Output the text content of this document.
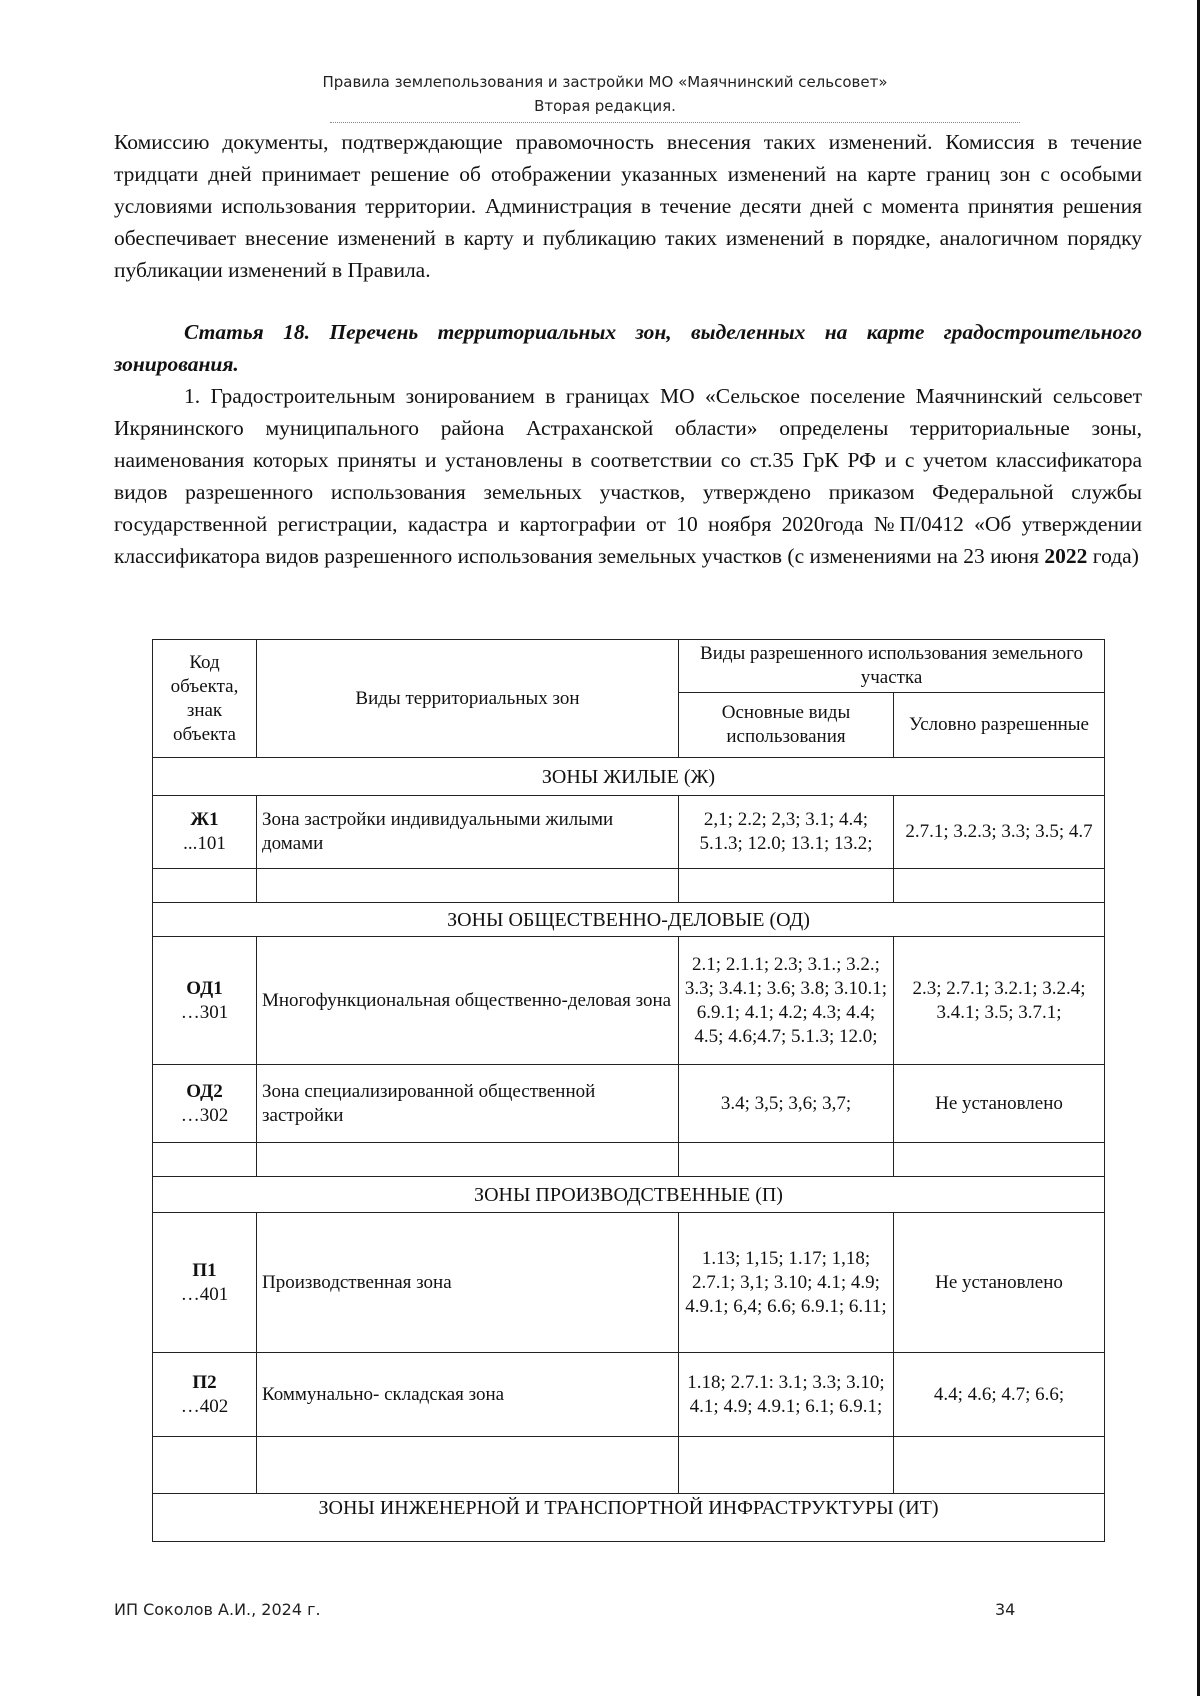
Правила землепользования и застройки МО «Маячнинский сельсовет»
Вторая редакция.

Комиссию документы, подтверждающие правомочность внесения таких изменений. Комиссия в течение тридцати дней принимает решение об отображении указанных изменений на карте границ зон с особыми условиями использования территории. Администрация в течение десяти дней с момента принятия решения обеспечивает внесение изменений в карту и публикацию таких изменений в порядке, аналогичном порядку публикации изменений в Правила.

Статья 18. Перечень территориальных зон, выделенных на карте градостроительного зонирования.
1. Градостроительным зонированием в границах МО «Сельское поселение Маячнинский сельсовет Икрянинского муниципального района Астраханской области» определены территориальные зоны, наименования которых приняты и установлены в соответствии со ст.35 ГрК РФ и с учетом классификатора видов разрешенного использования земельных участков, утверждено приказом Федеральной службы государственной регистрации, кадастра и картографии от 10 ноября 2020года №П/0412 «Об утверждении классификатора видов разрешенного использования земельных участков (с изменениями на 23 июня 2022 года)
Код объекта, знак объекта	Виды территориальных зон	Виды разрешенного использования земельного участка	
		Основные виды использования	Условно разрешенные
ЗОНЫ ЖИЛЫЕ (Ж)			

Ж1
...101	Зона застройки индивидуальными жилыми домами	2,1; 2.2; 2,3; 3.1; 4.4; 5.1.3; 12.0; 13.1; 13.2;	2.7.1; 3.2.3; 3.3; 3.5; 4.7

ЗОНЫ ОБЩЕСТВЕННО-ДЕЛОВЫЕ (ОД)			

ОД1
…301	Многофункциональная общественно-деловая зона	2.1; 2.1.1; 2.3; 3.1.; 3.2.; 3.3; 3.4.1; 3.6; 3.8; 3.10.1; 6.9.1; 4.1; 4.2; 4.3; 4.4; 4.5; 4.6;4.7; 5.1.3; 12.0;	2.3; 2.7.1; 3.2.1; 3.2.4; 3.4.1; 3.5; 3.7.1;

ОД2
…302	Зона специализированной общественной застройки	3.4; 3,5; 3,6; 3,7;	Не установлено

ЗОНЫ ПРОИЗВОДСТВЕННЫЕ (П)			

П1
…401	Производственная зона	1.13; 1,15; 1.17; 1,18; 2.7.1; 3,1; 3.10; 4.1; 4.9; 4.9.1; 6,4; 6.6; 6.9.1; 6.11;	Не установлено

П2
…402	Коммунально- складская зона	1.18; 2.7.1: 3.1; 3.3; 3.10; 4.1; 4.9; 4.9.1; 6.1; 6.9.1;	4.4; 4.6; 4.7; 6.6;

ЗОНЫ ИНЖЕНЕРНОЙ И ТРАНСПОРТНОЙ ИНФРАСТРУКТУРЫ (ИТ)			
ИП Соколов А.И., 2024 г.	34
